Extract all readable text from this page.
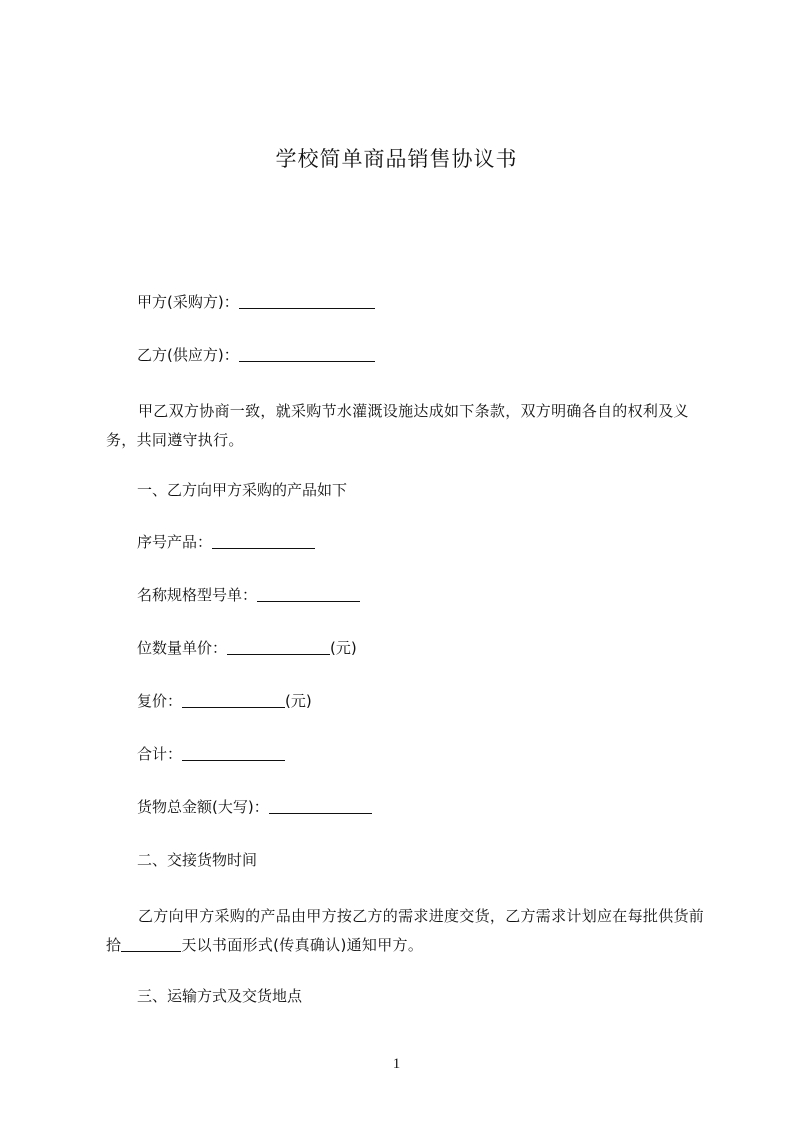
学校简单商品销售协议书
甲方(采购方)：
乙方(供应方)：
甲乙双方协商一致，就采购节水灌溉设施达成如下条款，双方明确各自的权利及义务，共同遵守执行。
一、乙方向甲方采购的产品如下
序号产品：
名称规格型号单：
位数量单价：	(元)
复价：	(元)
合计：
货物总金额(大写)：
二、交接货物时间
乙方向甲方采购的产品由甲方按乙方的需求进度交货，乙方需求计划应在每批供货前拾	天以书面形式(传真确认)通知甲方。
三、运输方式及交货地点
1
